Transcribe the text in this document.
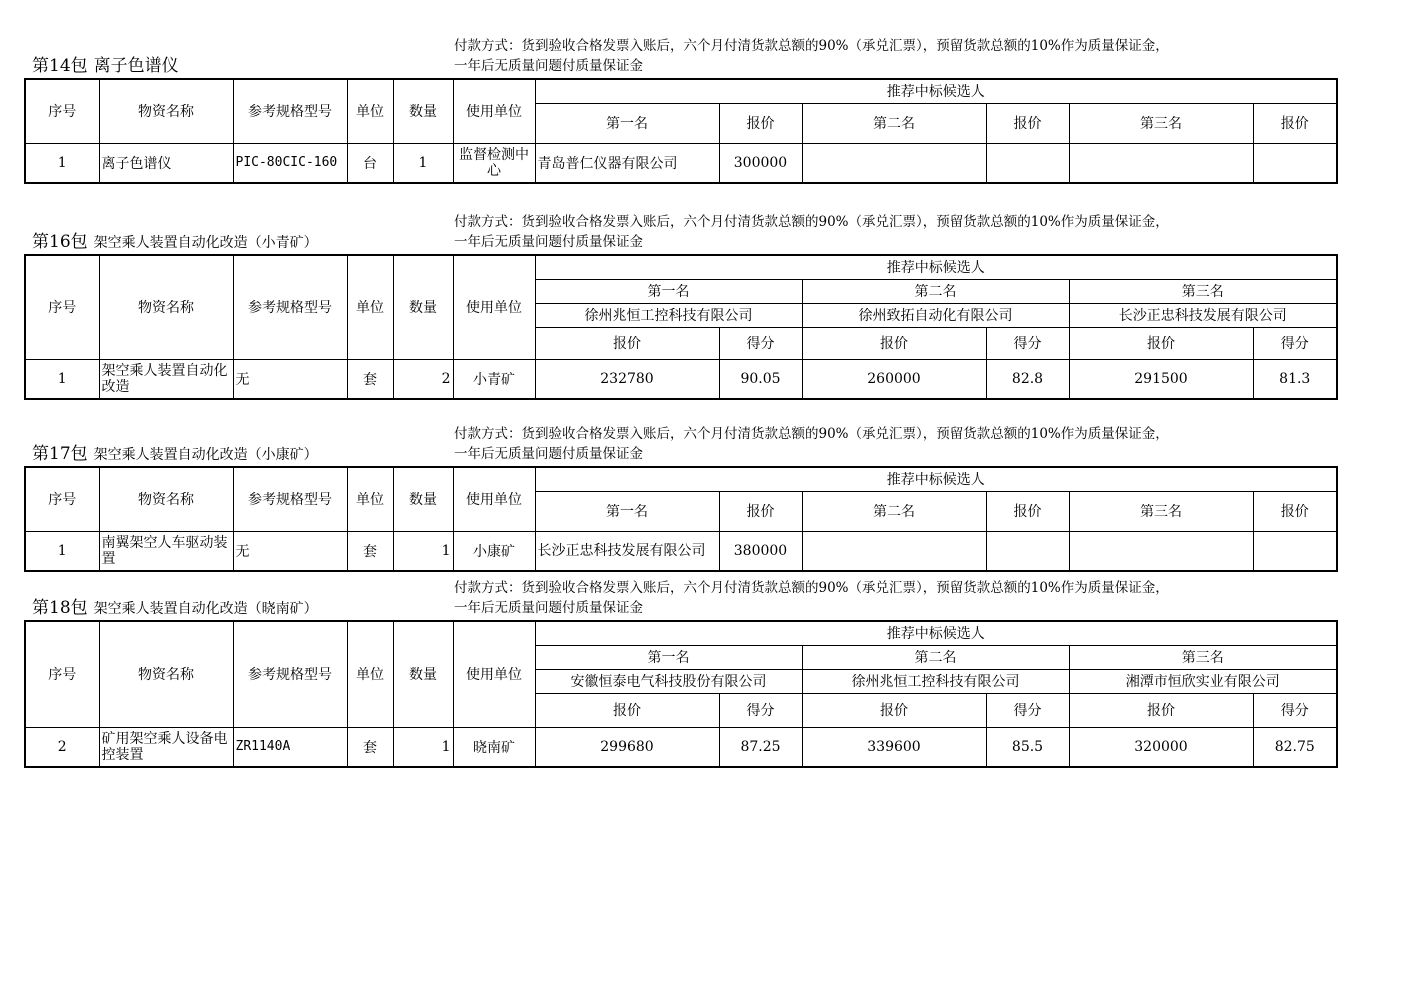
第14包 离子色谱仪
付款方式：货到验收合格发票入账后，六个月付清货款总额的90%（承兑汇票），预留货款总额的10%作为质量保证金，
一年后无质量问题付质量保证金
序号	物资名称	参考规格型号	单位	数量	使用单位	推荐中标候选人					
						第一名	报价	第二名	报价	第三名	报价
1	离子色谱仪	PIC-80CIC-160	台	1	监督检测中心	青岛普仁仪器有限公司	300000				
第16包 架空乘人装置自动化改造（小青矿）
付款方式：货到验收合格发票入账后，六个月付清货款总额的90%（承兑汇票），预留货款总额的10%作为质量保证金，
一年后无质量问题付质量保证金
序号	物资名称	参考规格型号	单位	数量	使用单位	推荐中标候选人					
						第一名		第二名		第三名	
						徐州兆恒工控科技有限公司		徐州致拓自动化有限公司		长沙正忠科技发展有限公司	
						报价	得分	报价	得分	报价	得分
1	架空乘人装置自动化改造	无	套	2	小青矿	232780	90.05	260000	82.8	291500	81.3
第17包 架空乘人装置自动化改造（小康矿）
付款方式：货到验收合格发票入账后，六个月付清货款总额的90%（承兑汇票），预留货款总额的10%作为质量保证金，
一年后无质量问题付质量保证金
序号	物资名称	参考规格型号	单位	数量	使用单位	推荐中标候选人					
						第一名	报价	第二名	报价	第三名	报价
1	南翼架空人车驱动装置	无	套	1	小康矿	长沙正忠科技发展有限公司	380000				
第18包 架空乘人装置自动化改造（晓南矿）
付款方式：货到验收合格发票入账后，六个月付清货款总额的90%（承兑汇票），预留货款总额的10%作为质量保证金，
一年后无质量问题付质量保证金
序号	物资名称	参考规格型号	单位	数量	使用单位	推荐中标候选人					
						第一名		第二名		第三名	
						安徽恒泰电气科技股份有限公司		徐州兆恒工控科技有限公司		湘潭市恒欣实业有限公司	
						报价	得分	报价	得分	报价	得分
2	矿用架空乘人设备电控装置	ZR1140A	套	1	晓南矿	299680	87.25	339600	85.5	320000	82.75
